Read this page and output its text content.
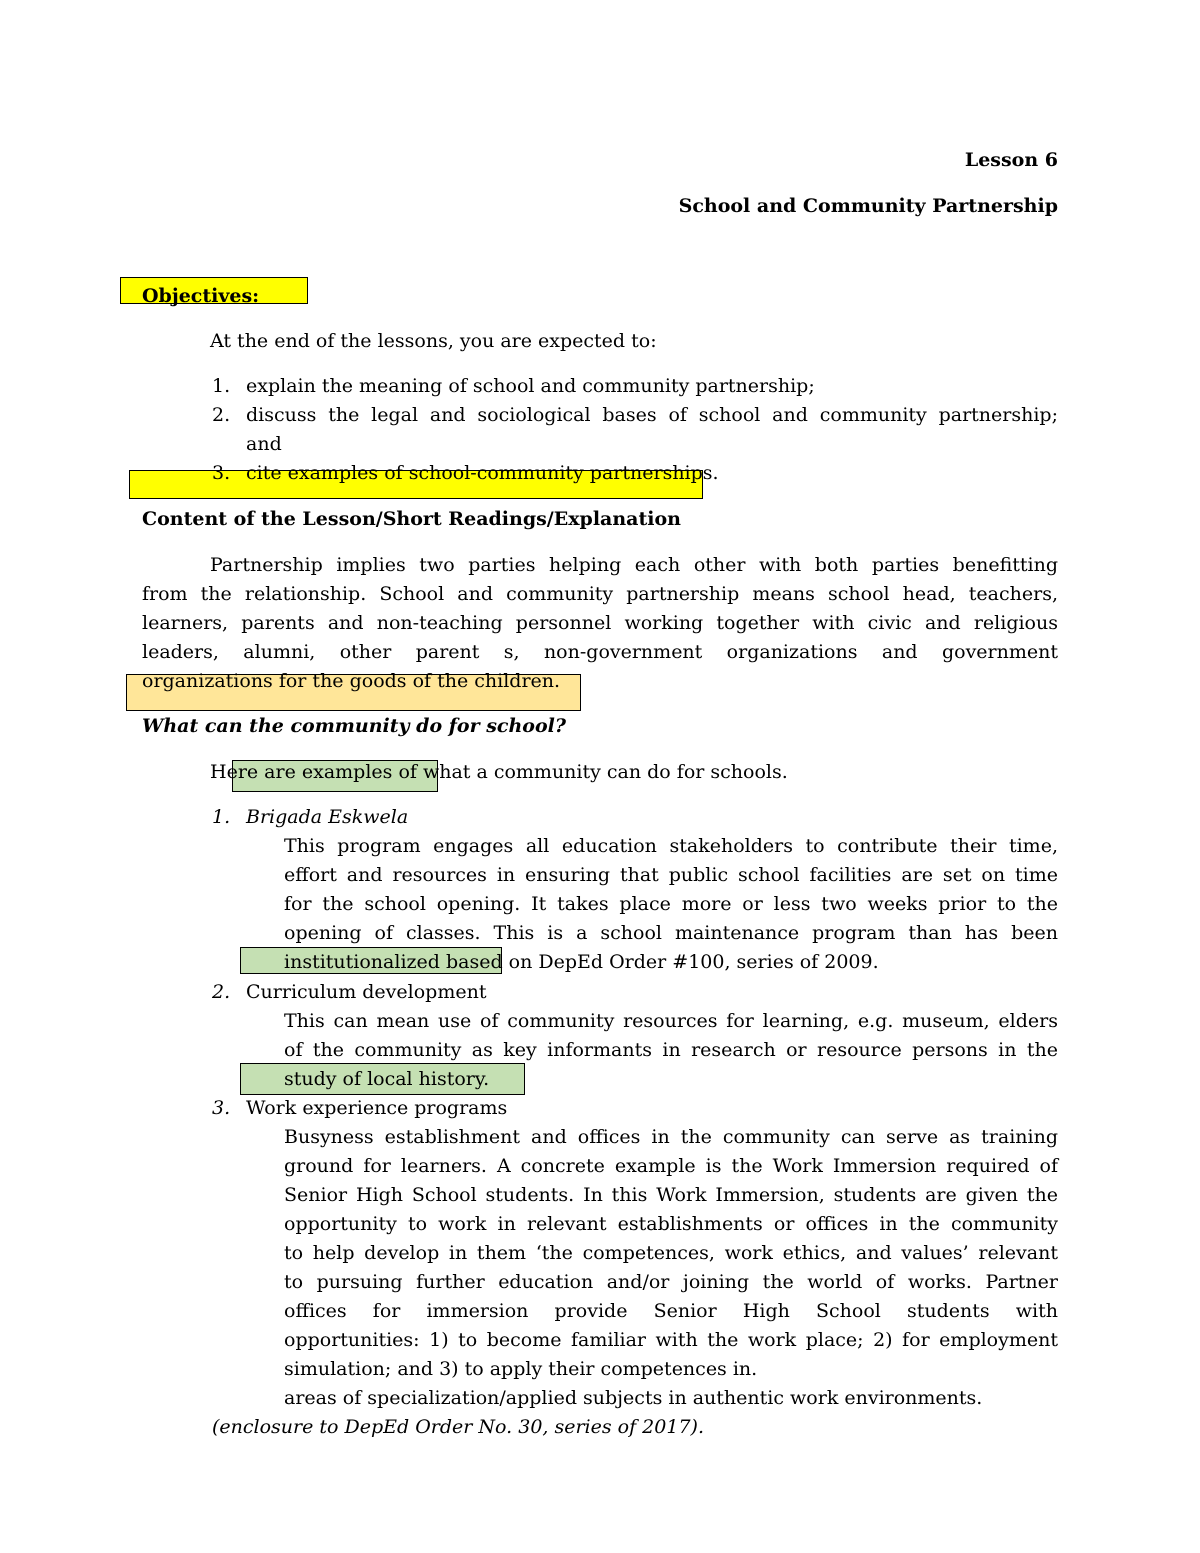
Lesson 6
School and Community Partnership
Objectives:
At the end of the lessons, you are expected to:
1. explain the meaning of school and community partnership;
2. discuss the legal and sociological bases of school and community partnership;
and
3. cite examples of school-community partnerships.
Content of the Lesson/Short Readings/Explanation
Partnership implies two parties helping each other with both parties benefitting
from the relationship. School and community partnership means school head, teachers,
learners, parents and non-teaching personnel working together with civic and religious
leaders, alumni, other parent s, non-government organizations and government
organizations for the goods of the children.
What can the community do for school?
Here are examples of what a community can do for schools.
1. Brigada Eskwela
This program engages all education stakeholders to contribute their time,
effort and resources in ensuring that public school facilities are set on time
for the school opening. It takes place more or less two weeks prior to the
opening of classes. This is a school maintenance program than has been
institutionalized based on DepEd Order #100, series of 2009.
2. Curriculum development
This can mean use of community resources for learning, e.g. museum, elders
of the community as key informants in research or resource persons in the
study of local history.
3. Work experience programs
Busyness establishment and offices in the community can serve as training
ground for learners. A concrete example is the Work Immersion required of
Senior High School students. In this Work Immersion, students are given the
opportunity to work in relevant establishments or offices in the community
to help develop in them ‘the competences, work ethics, and values’ relevant
to pursuing further education and/or joining the world of works. Partner
offices for immersion provide Senior High School students with
opportunities: 1) to become familiar with the work place; 2) for employment
simulation; and 3) to apply their competences in.
areas of specialization/applied subjects in authentic work environments.
(enclosure to DepEd Order No. 30, series of 2017).
